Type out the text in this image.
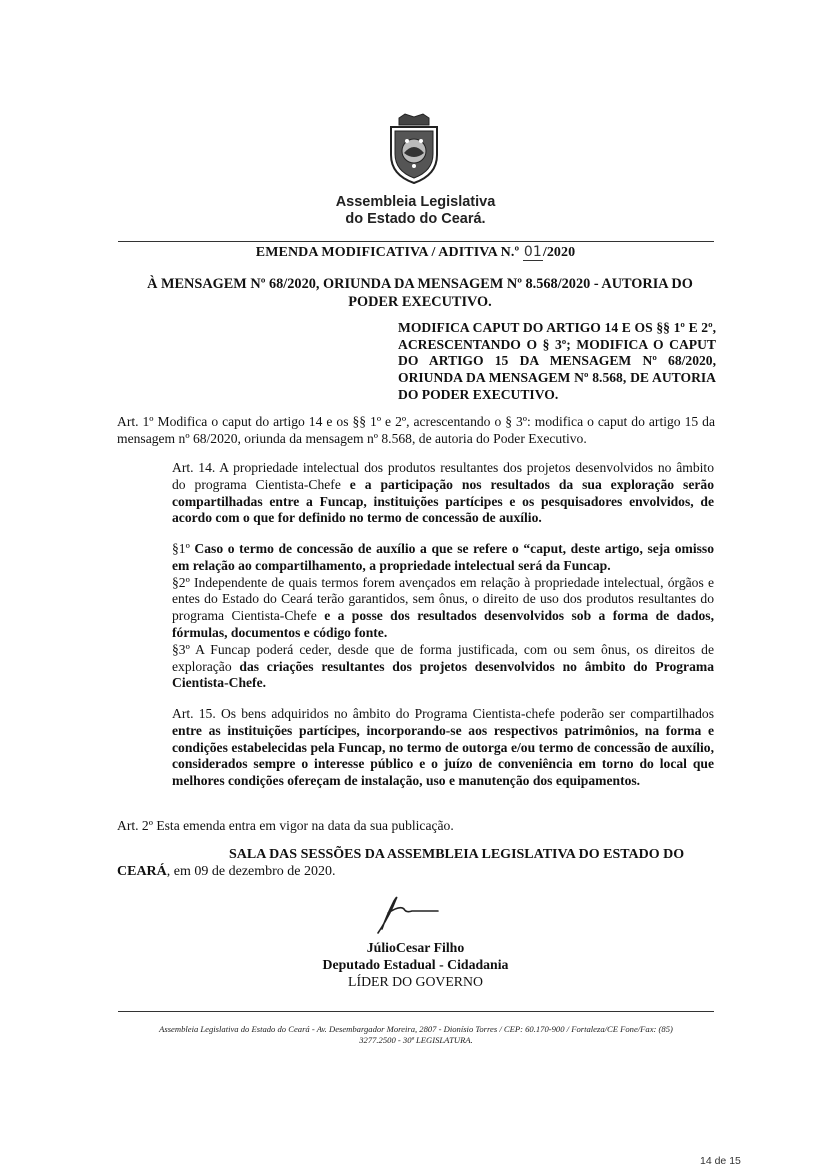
Assembleia Legislativa
do Estado do Ceará.
EMENDA MODIFICATIVA / ADITIVA N.º 01/2020
À MENSAGEM Nº 68/2020, ORIUNDA DA MENSAGEM Nº 8.568/2020 - AUTORIA DO PODER EXECUTIVO.
MODIFICA CAPUT DO ARTIGO 14 E OS §§ 1º E 2º, ACRESCENTANDO O § 3º; MODIFICA O CAPUT DO ARTIGO 15 DA MENSAGEM Nº 68/2020, ORIUNDA DA MENSAGEM Nº 8.568, DE AUTORIA DO PODER EXECUTIVO.
Art. 1º Modifica o caput do artigo 14 e os §§ 1º e 2º, acrescentando o § 3º: modifica o caput do artigo 15 da mensagem nº 68/2020, oriunda da mensagem nº 8.568, de autoria do Poder Executivo.
Art. 14. A propriedade intelectual dos produtos resultantes dos projetos desenvolvidos no âmbito do programa Cientista-Chefe e a participação nos resultados da sua exploração serão compartilhadas entre a Funcap, instituições partícipes e os pesquisadores envolvidos, de acordo com o que for definido no termo de concessão de auxílio.
§1º Caso o termo de concessão de auxílio a que se refere o “caput, deste artigo, seja omisso em relação ao compartilhamento, a propriedade intelectual será da Funcap.
§2º Independente de quais termos forem avençados em relação à propriedade intelectual, órgãos e entes do Estado do Ceará terão garantidos, sem ônus, o direito de uso dos produtos resultantes do programa Cientista-Chefe e a posse dos resultados desenvolvidos sob a forma de dados, fórmulas, documentos e código fonte.
§3º A Funcap poderá ceder, desde que de forma justificada, com ou sem ônus, os direitos de exploração das criações resultantes dos projetos desenvolvidos no âmbito do Programa Cientista-Chefe.
Art. 15. Os bens adquiridos no âmbito do Programa Cientista-chefe poderão ser compartilhados entre as instituições partícipes, incorporando-se aos respectivos patrimônios, na forma e condições estabelecidas pela Funcap, no termo de outorga e/ou termo de concessão de auxílio, considerados sempre o interesse público e o juízo de conveniência em torno do local que melhores condições ofereçam de instalação, uso e manutenção dos equipamentos.
Art. 2º Esta emenda entra em vigor na data da sua publicação.
SALA DAS SESSÕES DA ASSEMBLEIA LEGISLATIVA DO ESTADO DO CEARÁ, em 09 de dezembro de 2020.
JúlioCesar Filho
Deputado Estadual - Cidadania
LÍDER DO GOVERNO
Assembleia Legislativa do Estado do Ceará - Av. Desembargador Moreira, 2807 - Dionísio Torres / CEP: 60.170-900 / Fortaleza/CE Fone/Fax: (85)
3277.2500 - 30ª LEGISLATURA.
14 de 15
